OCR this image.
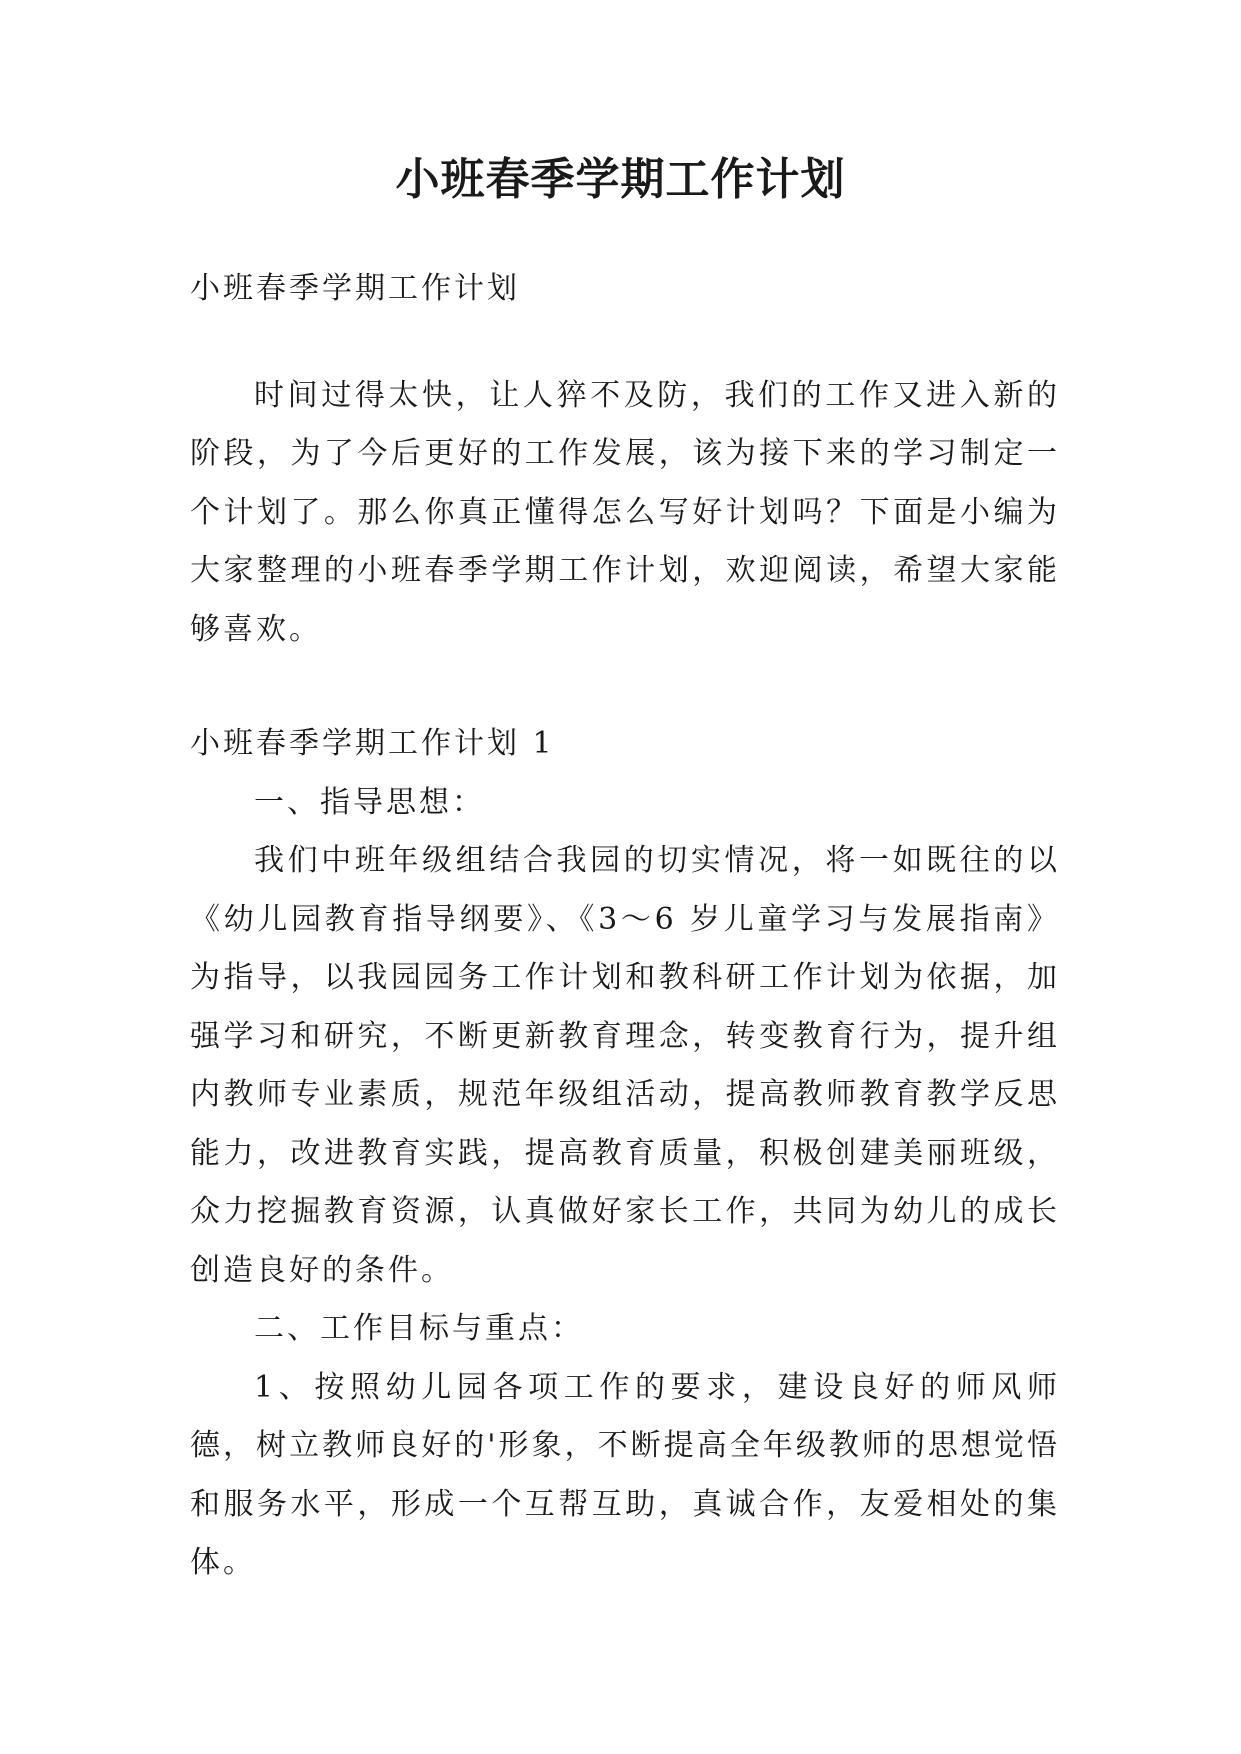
小班春季学期工作计划

小班春季学期工作计划

时间过得太快，让人猝不及防，我们的工作又进入新的阶段，为了今后更好的工作发展，该为接下来的学习制定一个计划了。那么你真正懂得怎么写好计划吗？下面是小编为大家整理的小班春季学期工作计划，欢迎阅读，希望大家能够喜欢。

小班春季学期工作计划 1

一、指导思想：

我们中班年级组结合我园的切实情况，将一如既往的以《幼儿园教育指导纲要》、《3～6 岁儿童学习与发展指南》为指导，以我园园务工作计划和教科研工作计划为依据，加强学习和研究，不断更新教育理念，转变教育行为，提升组内教师专业素质，规范年级组活动，提高教师教育教学反思能力，改进教育实践，提高教育质量，积极创建美丽班级，众力挖掘教育资源，认真做好家长工作，共同为幼儿的成长创造良好的条件。

二、工作目标与重点：

1、按照幼儿园各项工作的要求，建设良好的师风师德，树立教师良好的'形象，不断提高全年级教师的思想觉悟和服务水平，形成一个互帮互助，真诚合作，友爱相处的集体。
